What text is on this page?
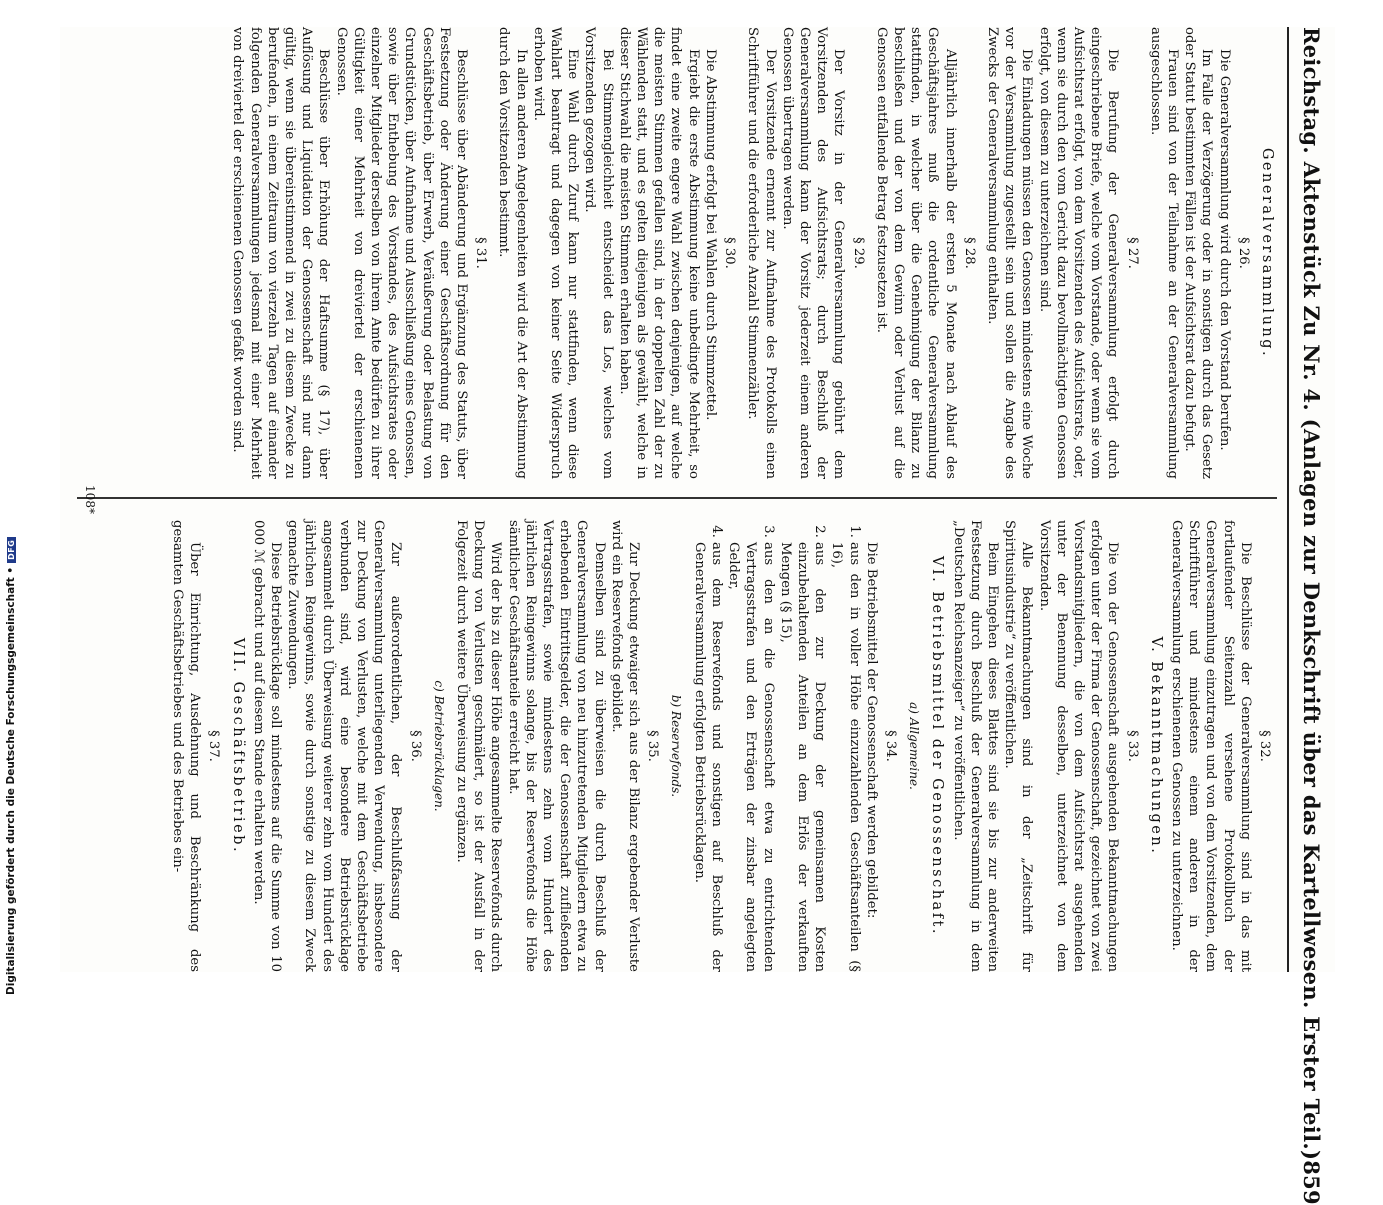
Reichstag. Aktenstück Zu Nr. 4. (Anlagen zur Denkschrift über das Kartellwesen. Erster Teil.)
859
Generalversammlung.
§ 26.

Die Generalversammlung wird durch den Vorstand berufen.

Im Falle der Verzögerung oder in sonstigen durch das Gesetz oder Statut bestimmten Fällen ist der Aufsichtsrat dazu befugt.

Frauen sind von der Teilnahme an der Generalversammlung ausgeschlossen.

§ 27.

Die Berufung der Generalversammlung erfolgt durch eingeschriebene Briefe, welche vom Vorstande, oder wenn sie vom Aufsichtsrat erfolgt, von dem Vorsitzenden des Aufsichtsrats, oder, wenn sie durch den vom Gericht dazu bevollmächtigten Genossen erfolgt, von diesem zu unterzeichnen sind.

Die Einladungen müssen den Genossen mindestens eine Woche vor der Versammlung zugestellt sein und sollen die Angabe des Zwecks der Generalversammlung enthalten.

§ 28.

Alljährlich innerhalb der ersten 5 Monate nach Ablauf des Geschäftsjahres muß die ordentliche Generalversammlung stattfinden, in welcher über die Genehmigung der Bilanz zu beschließen und der von dem Gewinn oder Verlust auf die Genossen entfallende Betrag festzusetzen ist.

§ 29.

Der Vorsitz in der Generalversammlung gebührt dem Vorsitzenden des Aufsichtsrats; durch Beschluß der Generalversammlung kann der Vorsitz jederzeit einem anderen Genossen übertragen werden.

Der Vorsitzende ernennt zur Aufnahme des Protokolls einen Schriftführer und die erforderliche Anzahl Stimmenzähler.

§ 30.

Die Abstimmung erfolgt bei Wahlen durch Stimmzettel.

Ergiebt die erste Abstimmung keine unbedingte Mehrheit, so findet eine zweite engere Wahl zwischen denjenigen, auf welche die meisten Stimmen gefallen sind, in der doppelten Zahl der zu Wählenden statt, und es gelten diejenigen als gewählt, welche in dieser Stichwahl die meisten Stimmen erhalten haben.

Bei Stimmengleichheit entscheidet das Los, welches vom Vorsitzenden gezogen wird.

Eine Wahl durch Zuruf kann nur stattfinden, wenn diese Wahlart beantragt und dagegen von keiner Seite Widerspruch erhoben wird.

In allen anderen Angelegenheiten wird die Art der Abstimmung durch den Vorsitzenden bestimmt.

§ 31.

Beschlüsse über Abänderung und Ergänzung des Statuts, über Festsetzung oder Änderung einer Geschäftsordnung für den Geschäftsbetrieb, über Erwerb, Veräußerung oder Belastung von Grundstücken, über Aufnahme und Ausschließung eines Genossen, sowie über Enthebung des Vorstandes, des Aufsichtsrates oder einzelner Mitglieder derselben von ihrem Amte bedürfen zu ihrer Gültigkeit einer Mehrheit von dreiviertel der erschienenen Genossen.

Beschlüsse über Erhöhung der Haftsumme (§ 17), über Auflösung und Liquidation der Genossenschaft sind nur dann gültig, wenn sie übereinstimmend in zwei zu diesem Zwecke zu berufenden, in einem Zeitraum von vierzehn Tagen auf einander folgenden Generalversammlungen jedesmal mit einer Mehrheit von dreiviertel der erschienenen Genossen gefaßt worden sind.

§ 32.

Die Beschlüsse der Generalversammlung sind in das mit fortlaufender Seitenzahl versehene Protokollbuch der Generalversammlung einzutragen und von dem Vorsitzenden, dem Schriftführer und mindestens einem anderen in der Generalversammlung erschienenen Genossen zu unterzeichnen.

V. Bekanntmachungen.
§ 33.

Die von der Genossenschaft ausgehenden Bekanntmachungen erfolgen unter der Firma der Genossenschaft, gezeichnet von zwei Vorstandsmitgliedern, die von dem Aufsichtsrat ausgehenden unter der Benennung desselben, unterzeichnet von dem Vorsitzenden.

Alle Bekanntmachungen sind in der „Zeitschrift für Spiritusindustrie“ zu veröffentlichen.

Beim Eingehen dieses Blattes sind sie bis zur anderweiten Festsetzung durch Beschluß der Generalversammlung in dem „Deutschen Reichsanzeiger“ zu veröffentlichen.

VI. Betriebsmittel der Genossenschaft.
a) Allgemeine.
§ 34.

Die Betriebsmittel der Genossenschaft werden gebildet:

1. aus den in voller Höhe einzuzahlenden Geschäftsanteilen (§ 16),
2. aus den zur Deckung der gemeinsamen Kosten einzubehaltenden Anteilen an dem Erlös der verkauften Mengen (§ 15),
3. aus den an die Genossenschaft etwa zu entrichtenden Vertragsstrafen und den Erträgen der zinsbar angelegten Gelder,
4. aus dem Reservefonds und sonstigen auf Beschluß der Generalversammlung erfolgten Betriebsrücklagen.
b) Reservefonds.
§ 35.

Zur Deckung etwaiger sich aus der Bilanz ergebender Verluste wird ein Reservefonds gebildet.

Demselben sind zu überweisen die durch Beschluß der Generalversammlung von neu hinzutretenden Mitgliedern etwa zu erhebenden Eintrittsgelder, die der Genossenschaft zufließenden Vertragsstrafen, sowie mindestens zehn vom Hundert des jährlichen Reingewinns solange, bis der Reservefonds die Höhe sämtlicher Geschäftsanteile erreicht hat.

Wird der bis zu dieser Höhe angesammelte Reservefonds durch Deckung von Verlusten geschmälert, so ist der Ausfall in der Folgezeit durch weitere Überweisung zu ergänzen.

c) Betriebsrücklagen.
§ 36.

Zur außerordentlichen, der Beschlußfassung der Generalversammlung unterliegenden Verwendung, insbesondere zur Deckung von Verlusten, welche mit dem Geschäftsbetriebe verbunden sind, wird eine besondere Betriebsrücklage angesammelt durch Überweisung weiterer zehn vom Hundert des jährlichen Reingewinns, sowie durch sonstige zu diesem Zweck gemachte Zuwendungen.

Diese Betriebsrücklage soll mindestens auf die Summe von 10 000 ℳ gebracht und auf diesem Stande erhalten werden.

VII. Geschäftsbetrieb.
§ 37.

Über Einrichtung, Ausdehnung und Beschränkung des gesamten Geschäftsbetriebes und des Betriebes ein-

108*
Digitalisierung gefördert durch die Deutsche Forschungsgemeinschaft •
DFG
